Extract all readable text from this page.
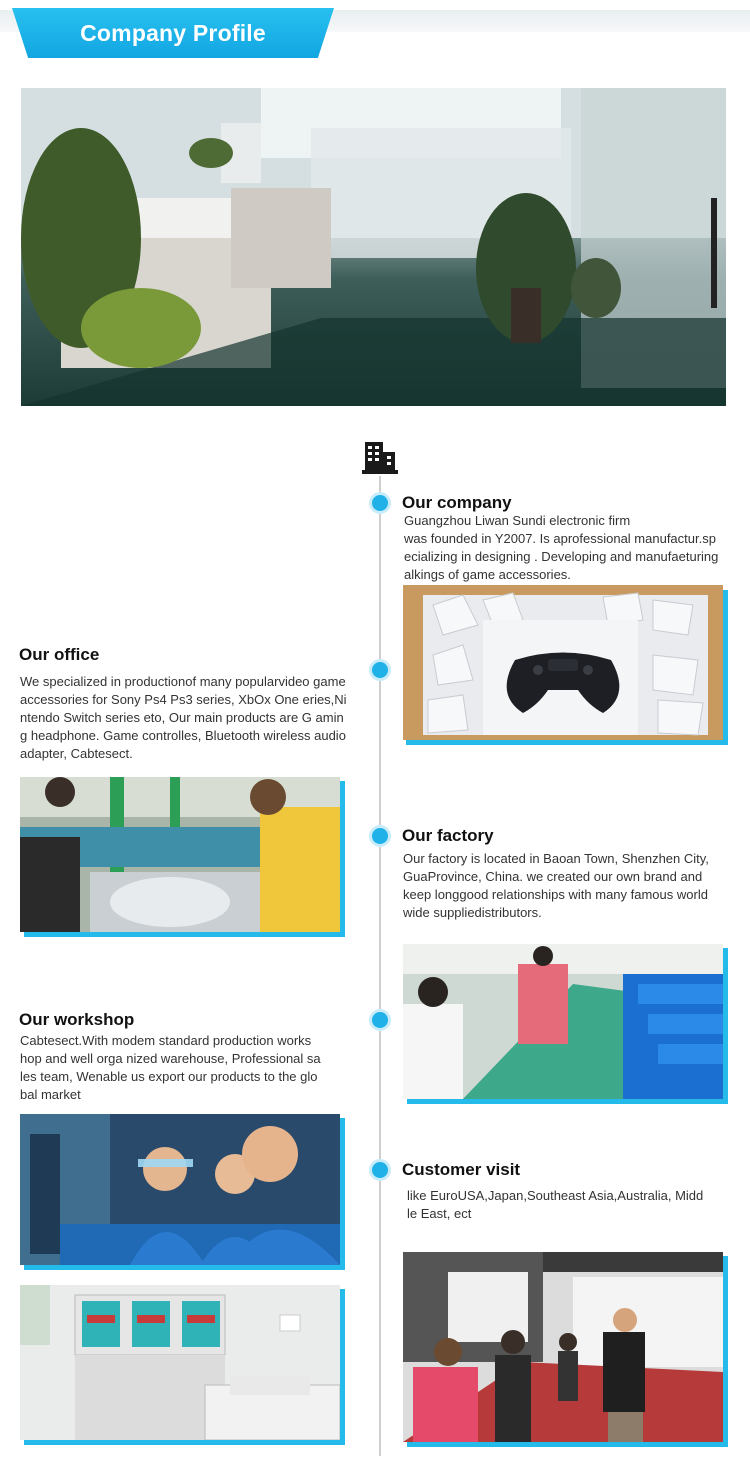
Company Profile
Our company
Guangzhou Liwan Sundi electronic firm
was founded in Y2007. Is aprofessional manufactur.sp
ecializing in designing . Developing and manufaeturing
alkings of game accessories.
Our office
We specialized in productionof many popularvideo game
accessories for Sony Ps4 Ps3 series, XbOx One eries,Ni
ntendo Switch series eto, Our main products are G amin
g headphone. Game controlles, Bluetooth wireless audio
adapter, Cabtesect.
Our factory
Our factory is located in Baoan Town, Shenzhen City,
GuaProvince, China. we created our own brand and
keep longgood relationships with many famous world
wide suppliedistributors.
Our workshop
Cabtesect.With modem standard production works
hop and well orga nized warehouse, Professional sa
les team, Wenable us export our products to the glo
bal market
Customer visit
like EuroUSA,Japan,Southeast Asia,Australia, Midd
le East, ect
